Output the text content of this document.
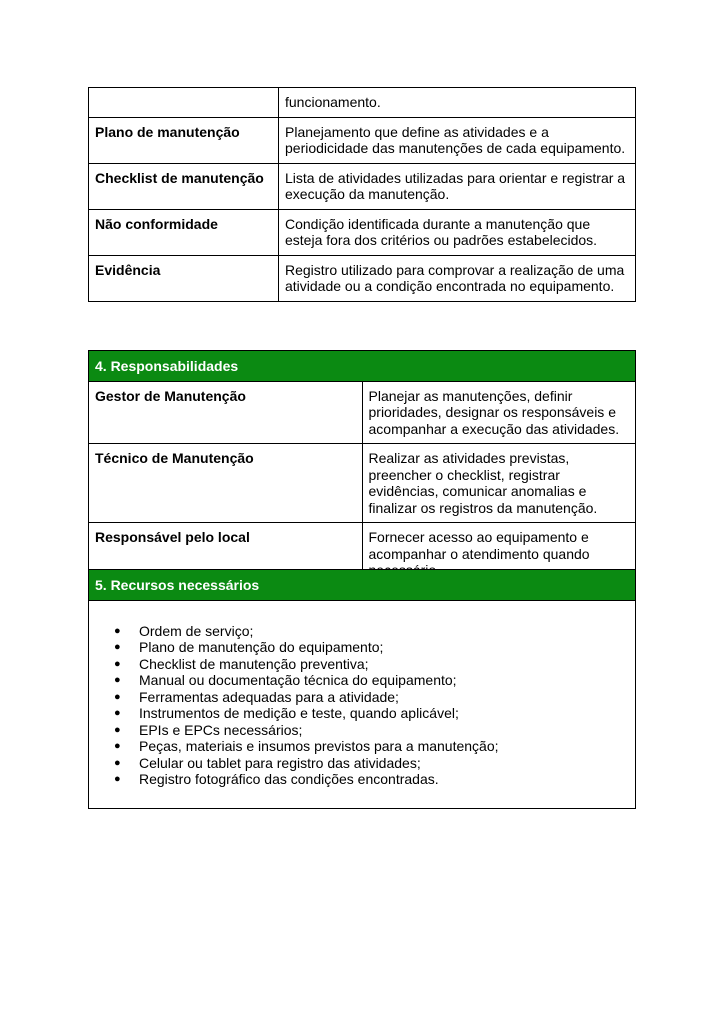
	funcionamento.
Plano de manutenção	Planejamento que define as atividades e a periodicidade das manutenções de cada equipamento.
Checklist de manutenção	Lista de atividades utilizadas para orientar e registrar a execução da manutenção.
Não conformidade	Condição identificada durante a manutenção que esteja fora dos critérios ou padrões estabelecidos.
Evidência	Registro utilizado para comprovar a realização de uma atividade ou a condição encontrada no equipamento.
4. Responsabilidades	
Gestor de Manutenção	Planejar as manutenções, definir prioridades, designar os responsáveis e acompanhar a execução das atividades.
Técnico de Manutenção	Realizar as atividades previstas, preencher o checklist, registrar evidências, comunicar anomalias e finalizar os registros da manutenção.
Responsável pelo local	Fornecer acesso ao equipamento e acompanhar o atendimento quando
5. Recursos necessários

● Ordem de serviço;
● Plano de manutenção do equipamento;
● Checklist de manutenção preventiva;
● Manual ou documentação técnica do equipamento;
● Ferramentas adequadas para a atividade;
● Instrumentos de medição e teste, quando aplicável;
● EPIs e EPCs necessários;
● Peças, materiais e insumos previstos para a manutenção;
● Celular ou tablet para registro das atividades;
● Registro fotográfico das condições encontradas.
